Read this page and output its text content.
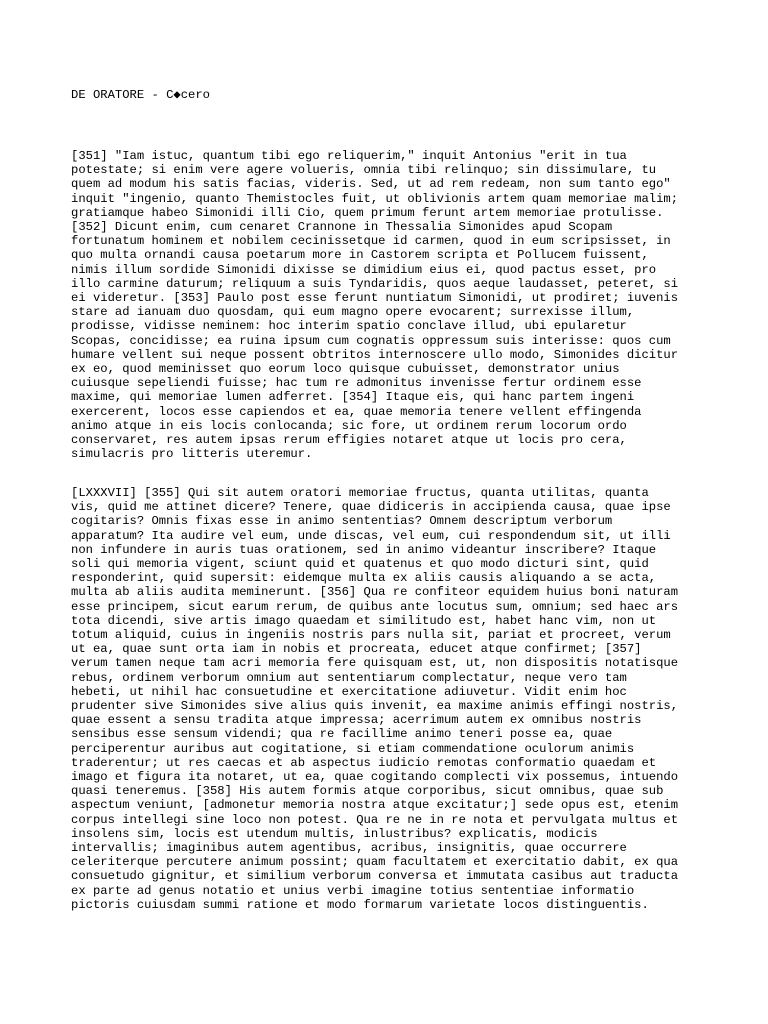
DE ORATORE - C◆cero
[351] "Iam istuc, quantum tibi ego reliquerim," inquit Antonius "erit in tua
potestate; si enim vere agere volueris, omnia tibi relinquo; sin dissimulare, tu
quem ad modum his satis facias, videris. Sed, ut ad rem redeam, non sum tanto ego"
inquit "ingenio, quanto Themistocles fuit, ut oblivionis artem quam memoriae malim;
gratiamque habeo Simonidi illi Cio, quem primum ferunt artem memoriae protulisse.
[352] Dicunt enim, cum cenaret Crannone in Thessalia Simonides apud Scopam
fortunatum hominem et nobilem cecinissetque id carmen, quod in eum scripsisset, in
quo multa ornandi causa poetarum more in Castorem scripta et Pollucem fuissent,
nimis illum sordide Simonidi dixisse se dimidium eius ei, quod pactus esset, pro
illo carmine daturum; reliquum a suis Tyndaridis, quos aeque laudasset, peteret, si
ei videretur. [353] Paulo post esse ferunt nuntiatum Simonidi, ut prodiret; iuvenis
stare ad ianuam duo quosdam, qui eum magno opere evocarent; surrexisse illum,
prodisse, vidisse neminem: hoc interim spatio conclave illud, ubi epularetur
Scopas, concidisse; ea ruina ipsum cum cognatis oppressum suis interisse: quos cum
humare vellent sui neque possent obtritos internoscere ullo modo, Simonides dicitur
ex eo, quod meminisset quo eorum loco quisque cubuisset, demonstrator unius
cuiusque sepeliendi fuisse; hac tum re admonitus invenisse fertur ordinem esse
maxime, qui memoriae lumen adferret. [354] Itaque eis, qui hanc partem ingeni
exercerent, locos esse capiendos et ea, quae memoria tenere vellent effingenda
animo atque in eis locis conlocanda; sic fore, ut ordinem rerum locorum ordo
conservaret, res autem ipsas rerum effigies notaret atque ut locis pro cera,
simulacris pro litteris uteremur.
[LXXXVII] [355] Qui sit autem oratori memoriae fructus, quanta utilitas, quanta
vis, quid me attinet dicere? Tenere, quae didiceris in accipienda causa, quae ipse
cogitaris? Omnis fixas esse in animo sententias? Omnem descriptum verborum
apparatum? Ita audire vel eum, unde discas, vel eum, cui respondendum sit, ut illi
non infundere in auris tuas orationem, sed in animo videantur inscribere? Itaque
soli qui memoria vigent, sciunt quid et quatenus et quo modo dicturi sint, quid
responderint, quid supersit: eidemque multa ex aliis causis aliquando a se acta,
multa ab aliis audita meminerunt. [356] Qua re confiteor equidem huius boni naturam
esse principem, sicut earum rerum, de quibus ante locutus sum, omnium; sed haec ars
tota dicendi, sive artis imago quaedam et similitudo est, habet hanc vim, non ut
totum aliquid, cuius in ingeniis nostris pars nulla sit, pariat et procreet, verum
ut ea, quae sunt orta iam in nobis et procreata, educet atque confirmet; [357]
verum tamen neque tam acri memoria fere quisquam est, ut, non dispositis notatisque
rebus, ordinem verborum omnium aut sententiarum complectatur, neque vero tam
hebeti, ut nihil hac consuetudine et exercitatione adiuvetur. Vidit enim hoc
prudenter sive Simonides sive alius quis invenit, ea maxime animis effingi nostris,
quae essent a sensu tradita atque impressa; acerrimum autem ex omnibus nostris
sensibus esse sensum videndi; qua re facillime animo teneri posse ea, quae
perciperentur auribus aut cogitatione, si etiam commendatione oculorum animis
traderentur; ut res caecas et ab aspectus iudicio remotas conformatio quaedam et
imago et figura ita notaret, ut ea, quae cogitando complecti vix possemus, intuendo
quasi teneremus. [358] His autem formis atque corporibus, sicut omnibus, quae sub
aspectum veniunt, [admonetur memoria nostra atque excitatur;] sede opus est, etenim
corpus intellegi sine loco non potest. Qua re ne in re nota et pervulgata multus et
insolens sim, locis est utendum multis, inlustribus? explicatis, modicis
intervallis; imaginibus autem agentibus, acribus, insignitis, quae occurrere
celeriterque percutere animum possint; quam facultatem et exercitatio dabit, ex qua
consuetudo gignitur, et similium verborum conversa et immutata casibus aut traducta
ex parte ad genus notatio et unius verbi imagine totius sententiae informatio
pictoris cuiusdam summi ratione et modo formarum varietate locos distinguentis.
